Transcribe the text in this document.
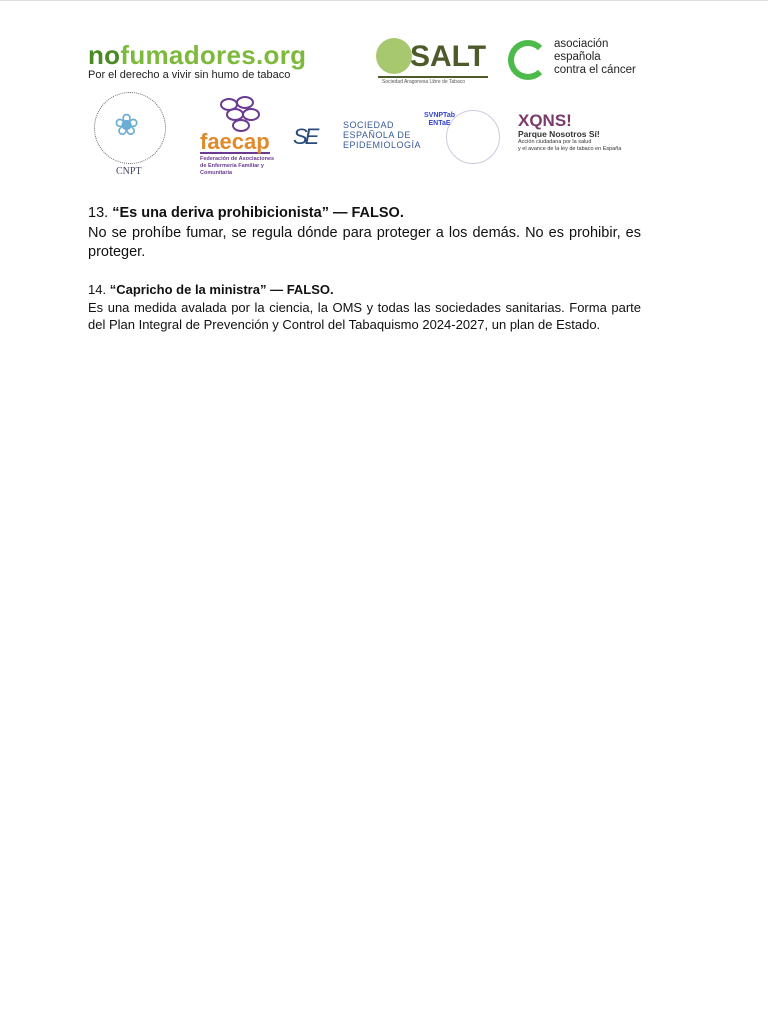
nofumadores.org
Por el derecho a vivir sin humo de tabaco
SALT
Sociedad Aragonesa Libre de Tabaco
asociación
española
contra el cáncer
❀
CNPT
faecap
Federación de Asociaciones
de Enfermería Familiar y
Comunitaria
SE	SOCIEDAD
ESPAÑOLA DE
EPIDEMIOLOGÍA
SVNPTab
ENTaE	XQNS!
Parque Nosotros Sí!
Acción ciudadana por la salud
y el avance de la ley de tabaco en España
13. “Es una deriva prohibicionista” — FALSO.
No se prohíbe fumar, se regula dónde para proteger a los demás. No es prohibir, es proteger.
14. “Capricho de la ministra” — FALSO.
Es una medida avalada por la ciencia, la OMS y todas las sociedades sanitarias. Forma parte del Plan Integral de Prevención y Control del Tabaquismo 2024-2027, un plan de Estado.
